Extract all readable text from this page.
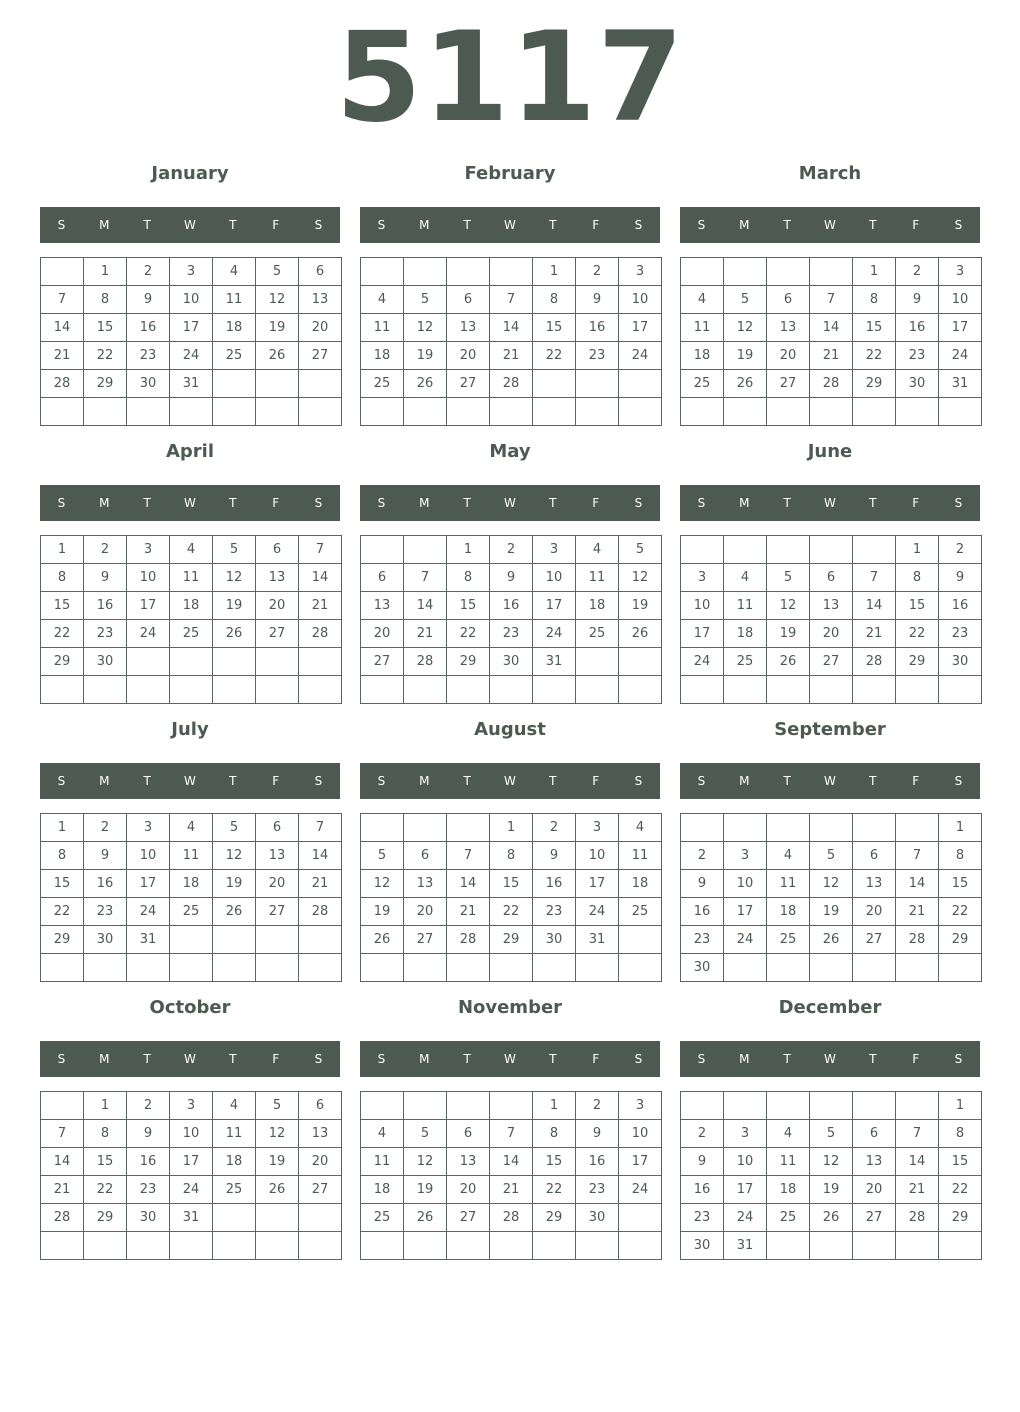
5117
January
S	M	T	W	T	F	S
	1	2	3	4	5	6
7	8	9	10	11	12	13
14	15	16	17	18	19	20
21	22	23	24	25	26	27
28	29	30	31			

February
S	M	T	W	T	F	S
				1	2	3
4	5	6	7	8	9	10
11	12	13	14	15	16	17
18	19	20	21	22	23	24
25	26	27	28			

March
S	M	T	W	T	F	S
				1	2	3
4	5	6	7	8	9	10
11	12	13	14	15	16	17
18	19	20	21	22	23	24
25	26	27	28	29	30	31

April
S	M	T	W	T	F	S
1	2	3	4	5	6	7
8	9	10	11	12	13	14
15	16	17	18	19	20	21
22	23	24	25	26	27	28
29	30					

May
S	M	T	W	T	F	S
		1	2	3	4	5
6	7	8	9	10	11	12
13	14	15	16	17	18	19
20	21	22	23	24	25	26
27	28	29	30	31		

June
S	M	T	W	T	F	S
					1	2
3	4	5	6	7	8	9
10	11	12	13	14	15	16
17	18	19	20	21	22	23
24	25	26	27	28	29	30

July
S	M	T	W	T	F	S
1	2	3	4	5	6	7
8	9	10	11	12	13	14
15	16	17	18	19	20	21
22	23	24	25	26	27	28
29	30	31				

August
S	M	T	W	T	F	S
			1	2	3	4
5	6	7	8	9	10	11
12	13	14	15	16	17	18
19	20	21	22	23	24	25
26	27	28	29	30	31	

September
S	M	T	W	T	F	S
						1
2	3	4	5	6	7	8
9	10	11	12	13	14	15
16	17	18	19	20	21	22
23	24	25	26	27	28	29
30						
October
S	M	T	W	T	F	S
	1	2	3	4	5	6
7	8	9	10	11	12	13
14	15	16	17	18	19	20
21	22	23	24	25	26	27
28	29	30	31			

November
S	M	T	W	T	F	S
				1	2	3
4	5	6	7	8	9	10
11	12	13	14	15	16	17
18	19	20	21	22	23	24
25	26	27	28	29	30	

December
S	M	T	W	T	F	S
						1
2	3	4	5	6	7	8
9	10	11	12	13	14	15
16	17	18	19	20	21	22
23	24	25	26	27	28	29
30	31					
